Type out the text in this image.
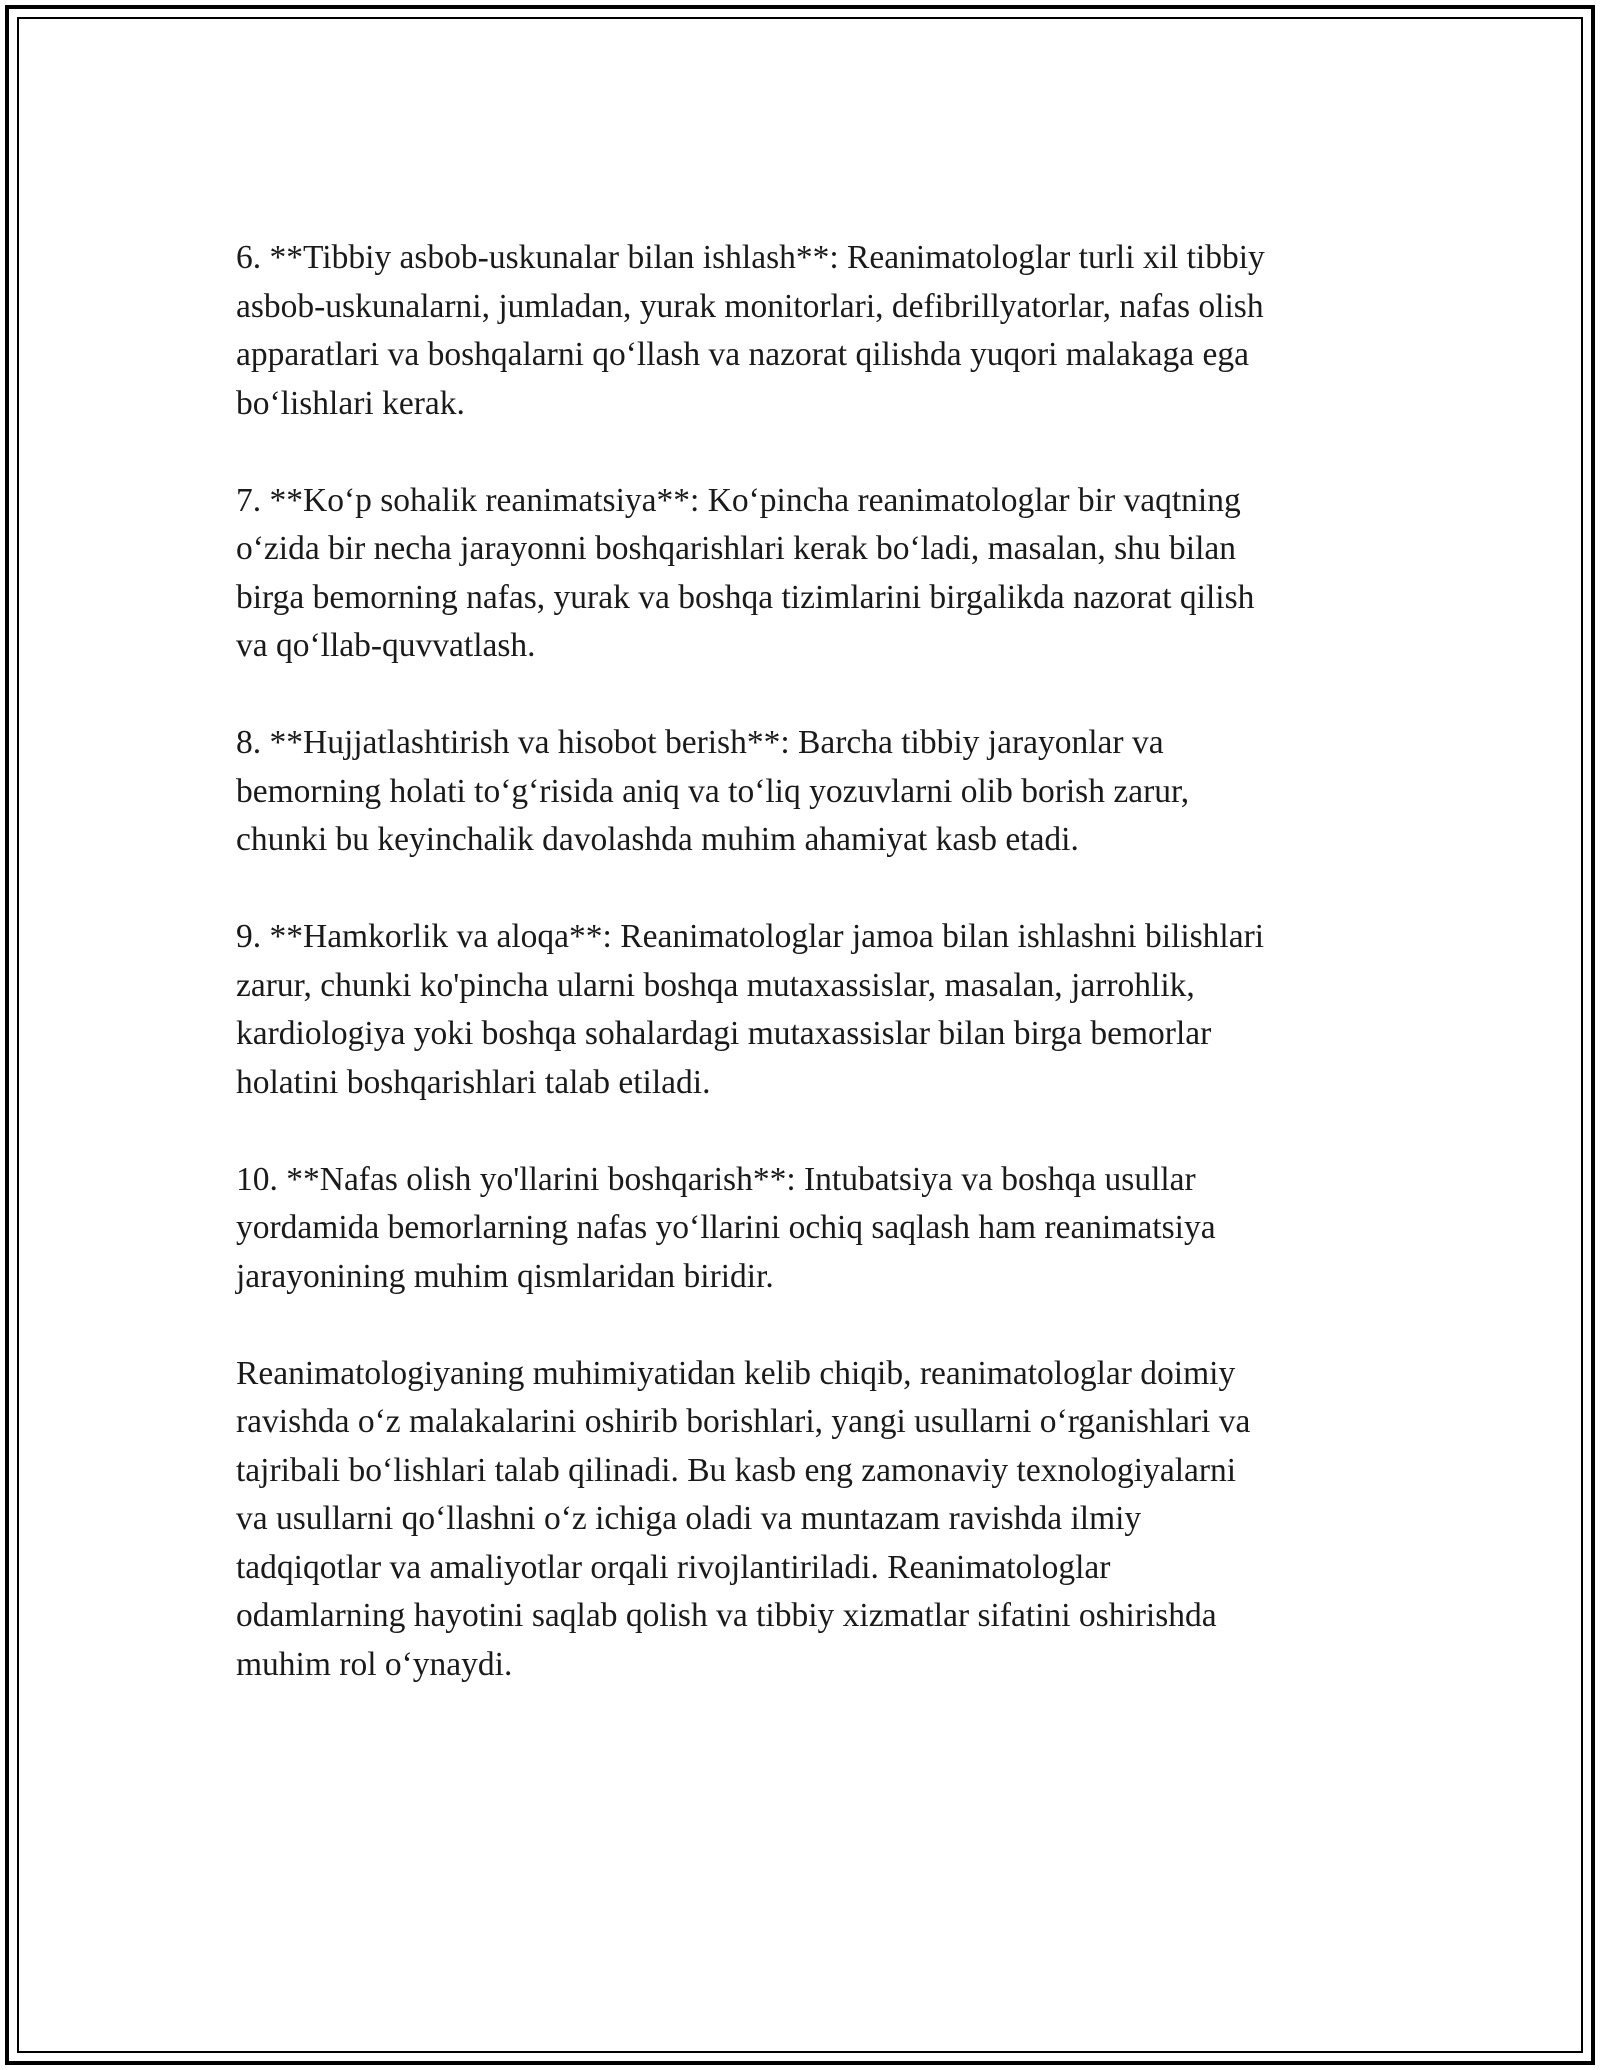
6. **Tibbiy asbob-uskunalar bilan ishlash**: Reanimatologlar turli xil tibbiy
asbob-uskunalarni, jumladan, yurak monitorlari, defibrillyatorlar, nafas olish
apparatlari va boshqalarni qo‘llash va nazorat qilishda yuqori malakaga ega
bo‘lishlari kerak.

7. **Ko‘p sohalik reanimatsiya**: Ko‘pincha reanimatologlar bir vaqtning
o‘zida bir necha jarayonni boshqarishlari kerak bo‘ladi, masalan, shu bilan
birga bemorning nafas, yurak va boshqa tizimlarini birgalikda nazorat qilish
va qo‘llab-quvvatlash.

8. **Hujjatlashtirish va hisobot berish**: Barcha tibbiy jarayonlar va
bemorning holati to‘g‘risida aniq va to‘liq yozuvlarni olib borish zarur,
chunki bu keyinchalik davolashda muhim ahamiyat kasb etadi.

9. **Hamkorlik va aloqa**: Reanimatologlar jamoa bilan ishlashni bilishlari
zarur, chunki ko'pincha ularni boshqa mutaxassislar, masalan, jarrohlik,
kardiologiya yoki boshqa sohalardagi mutaxassislar bilan birga bemorlar
holatini boshqarishlari talab etiladi.

10. **Nafas olish yo'llarini boshqarish**: Intubatsiya va boshqa usullar
yordamida bemorlarning nafas yo‘llarini ochiq saqlash ham reanimatsiya
jarayonining muhim qismlaridan biridir.

Reanimatologiyaning muhimiyatidan kelib chiqib, reanimatologlar doimiy
ravishda o‘z malakalarini oshirib borishlari, yangi usullarni o‘rganishlari va
tajribali bo‘lishlari talab qilinadi. Bu kasb eng zamonaviy texnologiyalarni
va usullarni qo‘llashni o‘z ichiga oladi va muntazam ravishda ilmiy
tadqiqotlar va amaliyotlar orqali rivojlantiriladi. Reanimatologlar
odamlarning hayotini saqlab qolish va tibbiy xizmatlar sifatini oshirishda
muhim rol o‘ynaydi.
